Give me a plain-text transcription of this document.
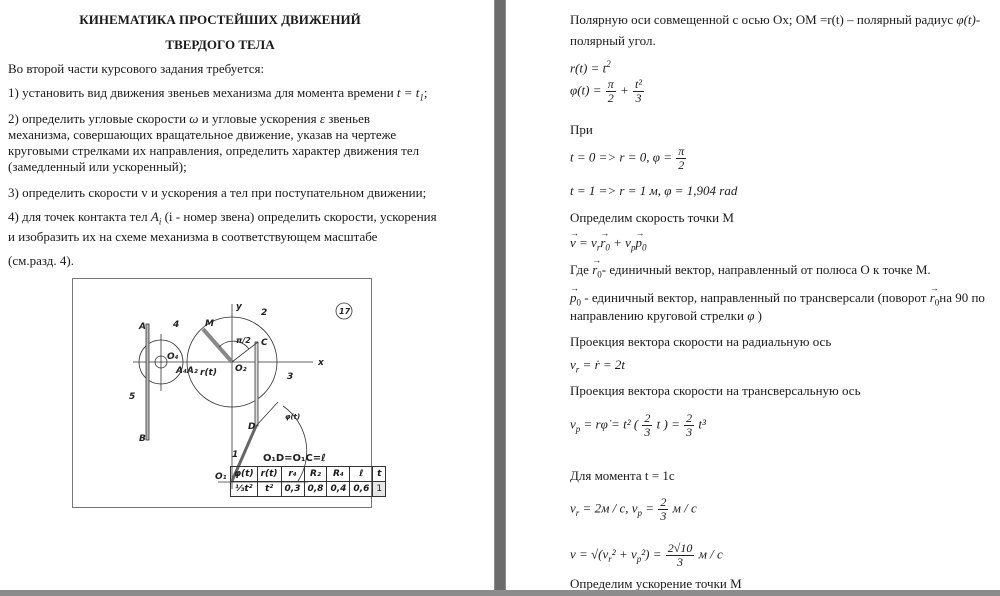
КИНЕМАТИКА ПРОСТЕЙШИХ ДВИЖЕНИЙ
ТВЕРДОГО ТЕЛА
Во второй части курсового задания требуется:
1) установить вид движения звеньев механизма для момента времени $t = t_1$;
2) определить угловые скорости ω и угловые ускорения ε звеньев
механизма, совершающих вращательное движение, указав на чертеже
круговыми стрелками их направления, определить характер движения тел
(замедленный или ускоренный);
3) определить скорости v и ускорения a тел при поступательном движении;
4) для точек контакта тел $A_i$ (i - номер звена) определить скорости, ускорения
и изобразить их на схеме механизма в соответствующем масштабе
(см.разд. 4).
17
A
B
M
C
D
O₁
O₂
O₄
A₄A₂ r(t)
φ(t)
π/2
x
y
1
2
3
4
5
O₁D=O₁C=ℓ
φ(t)	r(t)	r₄	R₂	R₄	ℓ	t
⅓t²	t²	0,3	0,8	0,4	0,6	1
Полярную оси совмещенной с осью Ox; OM =r(t) – полярный радиус φ(t)-
полярный угол.
$r(t) = t^2$
$\varphi(t) = \frac{\pi}{2} + \frac{\text{t²}}{3}$
При
t = 0 => r = 0, $\varphi = \frac{\pi}{2}$
t = 1 => r = 1 м, φ = 1,904 rad
Определим скорость точки M
→ $v = v_r\to r_0 + v_p\to p_0$
Где → $r_0-$ единичный вектор, направленный от полюса O к точке M.
→ $p_0$ - единичный вектор, направленный по трансверсали (поворот → $r_0на$ 90 по
направлению круговой стрелки φ )
Проекция вектора скорости на радиальную ось
$v_r$ = ṙ = 2t
Проекция вектора скорости на трансверсальную ось
$v_p$ = rφ̇ = t² ( $\frac{2}{3}$ t ) = $\frac{2}{3} t^3$
Для момента t = 1c
$v_r = 2м / с$, $v_p = \frac{2}{3}$ м / с
$v = √(v_r^2 + v_p^2) = \frac{2√10}{3}$ м / с
Определим ускорение точки M
